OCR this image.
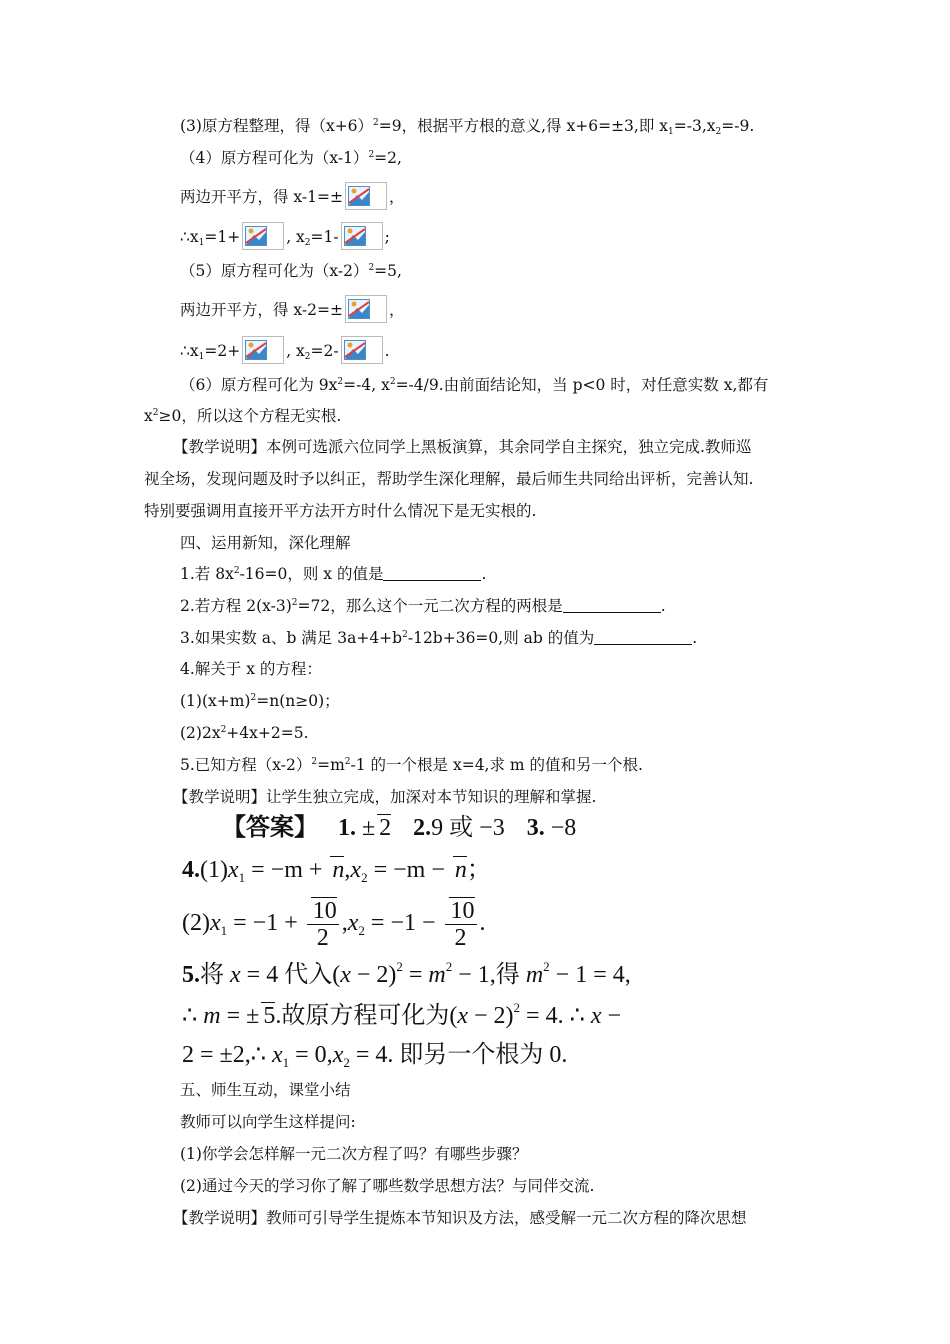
(3)原方程整理，得$(x+6)^2=9$，根据平方根的意义,得 x+6=±3,即 $x_1=-3,x_2=-9$.
（4）原方程可化为$(x-1)^2=2$,
两边开平方，得 x-1=±	，
$\therefore x_1=1+$	, $x_2=1-$	;
（5）原方程可化为$(x-2)^2=5$,
两边开平方，得 x-2=±	，
$\therefore x_1=2+$	, $x_2=2-$	.
（6）原方程可化为 $9x^2=-4$, $x^2=-4/9$.由前面结论知，当 p<0 时，对任意实数 x,都有
$x^2\ge 0$，所以这个方程无实根.
【教学说明】本例可选派六位同学上黑板演算，其余同学自主探究，独立完成.教师巡
视全场，发现问题及时予以纠正，帮助学生深化理解，最后师生共同给出评析，完善认知.
特别要强调用直接开平方法开方时什么情况下是无实根的.
四、运用新知，深化理解
1.若 $8x^2-16=0$，则 x 的值是	.
2.若方程 $2(x-3)^2=72$，那么这个一元二次方程的两根是	.
3.如果实数 a、b 满足 $3a+4+b^2-12b+36=0$,则 ab 的值为	.
4.解关于 x 的方程：
$(1)(x+m)^2=n(n\ge 0)$；
$(2)2x^2+4x+2=5$.
5.已知方程$(x-2)^2=m^2-1$ 的一个根是 x=4,求 m 的值和另一个根.
【教学说明】让学生独立完成，加深对本节知识的理解和掌握.
【答案】 1. ± 2 2.9 或 −3 3. −8
$4.(1)x_1 = -m + n,x_2 = -m - n$；
$(2)x_1 = -1 + \frac{10}{2} ,x_2 = -1 - \frac{10}{2}$ .
5.将 x = 4 代入$(x - 2)^2 = m^2 - 1$,得 $m^2 - 1 = 4$,
∴ m = ± 5.故原方程可化为$(x - 2)^2 = 4$. ∴ x −
2 = ±2,∴ $x_1 = 0,x_2 = 4$. 即另一个根为 0.
五、师生互动，课堂小结
教师可以向学生这样提问:
(1)你学会怎样解一元二次方程了吗？有哪些步骤？
(2)通过今天的学习你了解了哪些数学思想方法？与同伴交流.
【教学说明】教师可引导学生提炼本节知识及方法，感受解一元二次方程的降次思想
